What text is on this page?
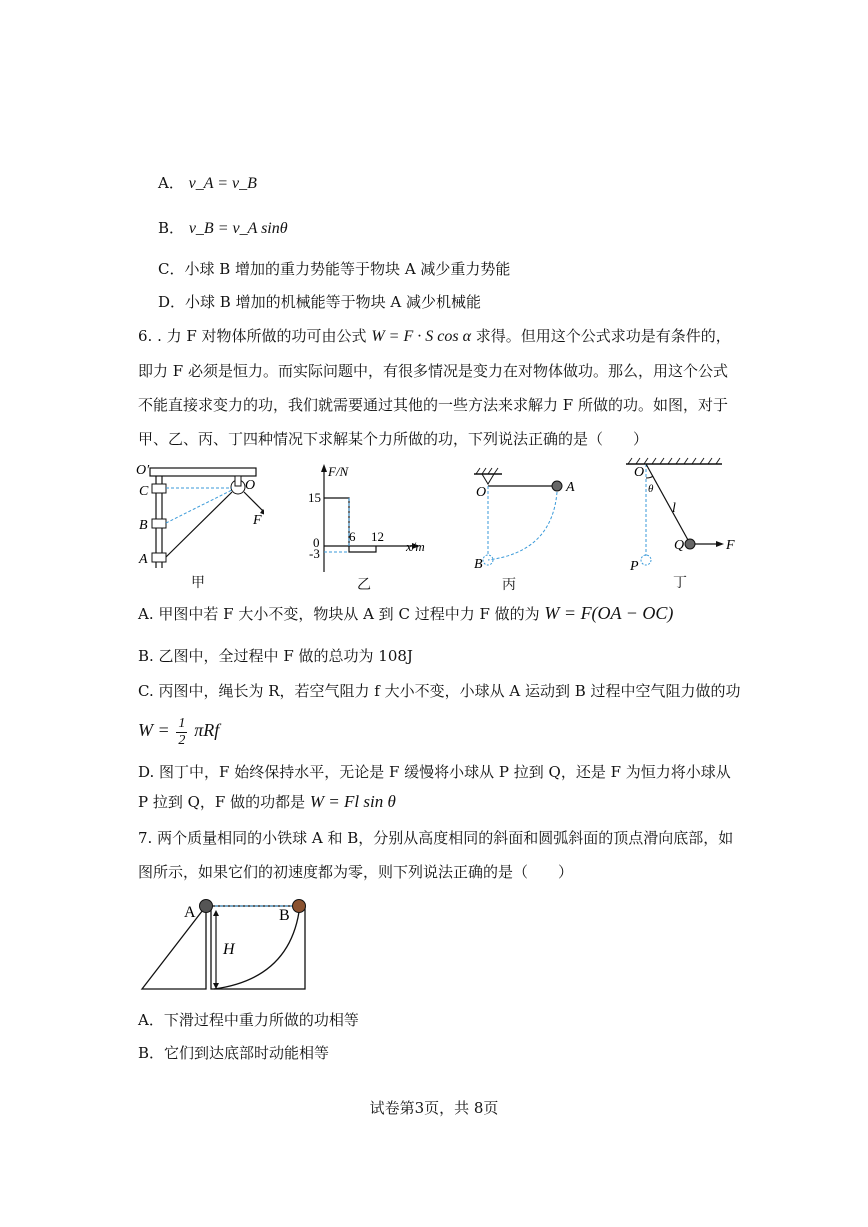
A． v_A = v_B
B． v_B = v_A sinθ
C．小球 B 增加的重力势能等于物块 A 减少重力势能
D．小球 B 增加的机械能等于物块 A 减少机械能
6. . 力 F 对物体所做的功可由公式 W = F · S cos α 求得。但用这个公式求功是有条件的，
即力 F 必须是恒力。而实际问题中，有很多情况是变力在对物体做功。那么，用这个公式
不能直接求变力的功，我们就需要通过其他的一些方法来求解力 F 所做的功。如图，对于
甲、乙、丙、丁四种情况下求解某个力所做的功，下列说法正确的是（　　）
O′
C
B
A
O
F
甲
F/N
15
0
-3
6 12
x/m
乙
O	A
B
丙
O
θ
l
Q	F
P
丁
A. 甲图中若 F 大小不变，物块从 A 到 C 过程中力 F 做的为 W = F(OA − OC)
B. 乙图中，全过程中 F 做的总功为 108J
C. 丙图中，绳长为 R，若空气阻力 f 大小不变，小球从 A 运动到 B 过程中空气阻力做的功
$W = \frac{1}{2}$ πRf
D. 图丁中，F 始终保持水平，无论是 F 缓慢将小球从 P 拉到 Q，还是 F 为恒力将小球从
P 拉到 Q，F 做的功都是 W = Fl sin θ
7. 两个质量相同的小铁球 A 和 B，分别从高度相同的斜面和圆弧斜面的顶点滑向底部，如
图所示，如果它们的初速度都为零，则下列说法正确的是（　　）
A	B
H
A．下滑过程中重力所做的功相等
B．它们到达底部时动能相等
试卷第3页，共 8页
